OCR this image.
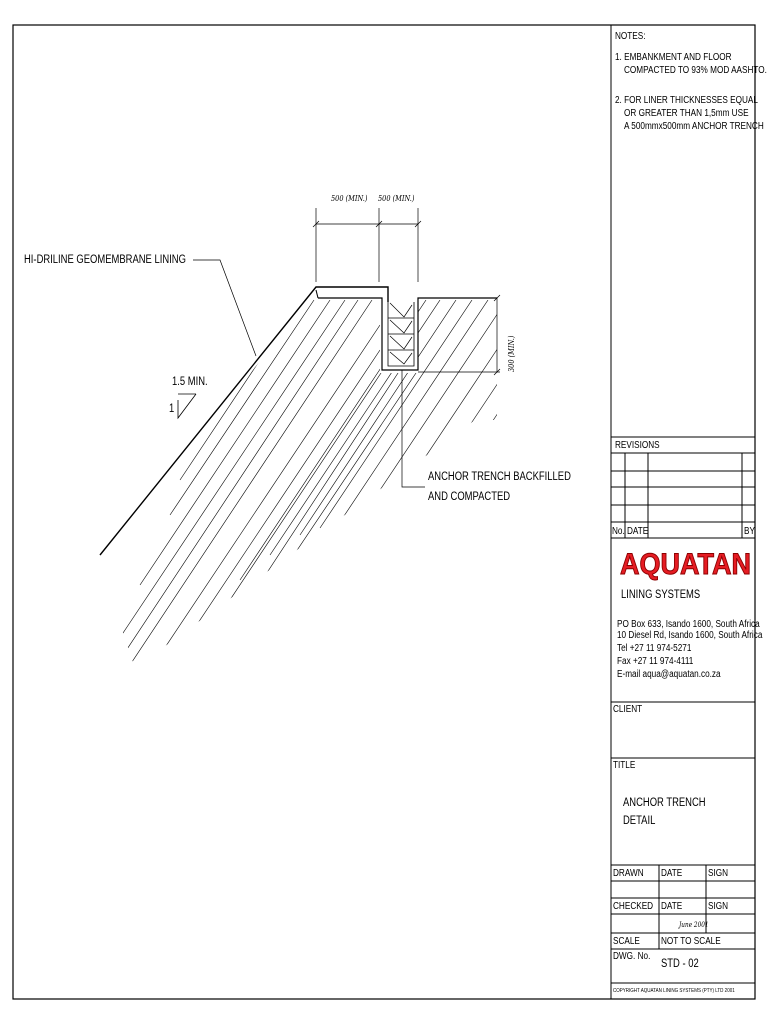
NOTES:
1. EMBANKMENT AND FLOOR
COMPACTED TO 93% MOD AASHTO.
2. FOR LINER THICKNESSES EQUAL
OR GREATER THAN 1,5mm USE
A 500mmx500mm ANCHOR TRENCH
500 (MIN.) 500 (MIN.)
300 (MIN.)
HI-DRILINE GEOMEMBRANE LINING
1.5 MIN.
1
ANCHOR TRENCH BACKFILLED
AND COMPACTED
REVISIONS
No. DATE	BY
AQUATAN
LINING SYSTEMS
PO Box 633, Isando 1600, South Africa
10 Diesel Rd, Isando 1600, South Africa
Tel +27 11 974-5271
Fax +27 11 974-4111
E-mail aqua@aquatan.co.za
CLIENT
TITLE
ANCHOR TRENCH
DETAIL
DRAWN DATE	SIGN
CHECKED DATE	SIGN
June 2001
SCALE NOT TO SCALE
DWG. No.
STD - 02
COPYRIGHT AQUATAN LINING SYSTEMS (PTY) LTD 2001
